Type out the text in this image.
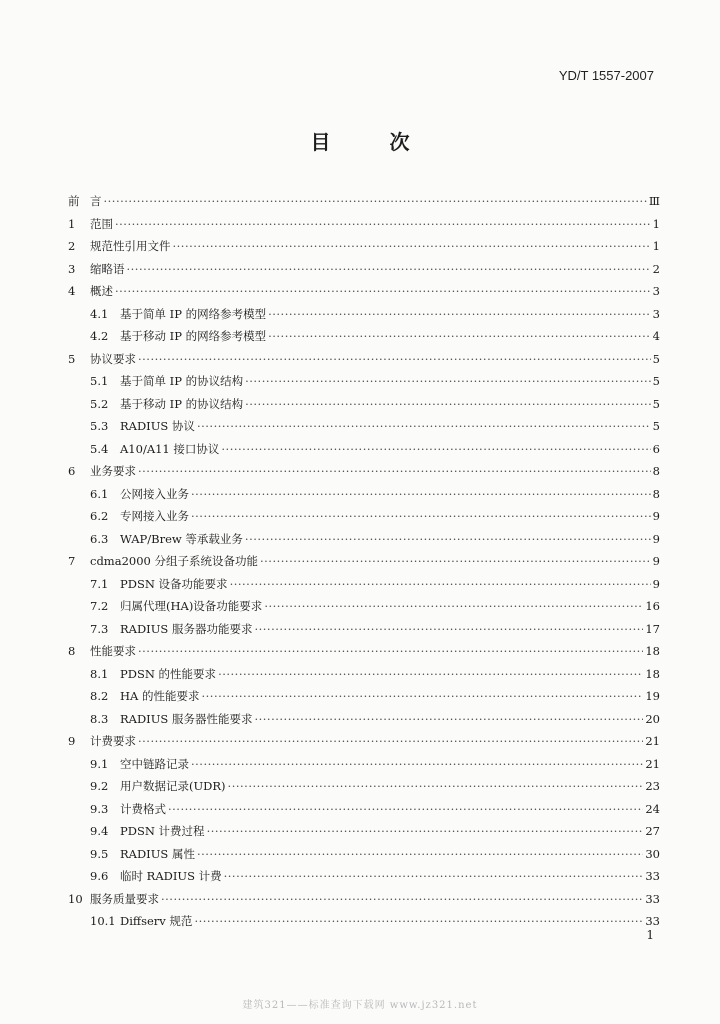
YD/T 1557-2007
目 次
前 言 ·····	Ⅲ
1	范围 ·····	1
2	规范性引用文件 ·····	1
3	缩略语 ·····	2
4	概述 ·····	3
4.1	基于简单 IP 的网络参考模型 ·····	3
4.2	基于移动 IP 的网络参考模型 ·····	4
5	协议要求 ·····	5
5.1	基于简单 IP 的协议结构 ·····	5
5.2	基于移动 IP 的协议结构 ·····	5
5.3	RADIUS 协议 ·····	5
5.4	A10/A11 接口协议 ·····	6
6	业务要求 ·····	8
6.1	公网接入业务 ·····	8
6.2	专网接入业务 ·····	9
6.3	WAP/Brew 等承载业务 ·····	9
7	cdma2000 分组子系统设备功能 ·····	9
7.1	PDSN 设备功能要求 ·····	9
7.2	归属代理(HA)设备功能要求 ·····	16
7.3	RADIUS 服务器功能要求 ·····	17
8	性能要求 ·····	18
8.1	PDSN 的性能要求 ·····	18
8.2	HA 的性能要求 ·····	19
8.3	RADIUS 服务器性能要求 ·····	20
9	计费要求 ·····	21
9.1	空中链路记录 ·····	21
9.2	用户数据记录(UDR) ·····	23
9.3	计费格式 ·····	24
9.4	PDSN 计费过程 ·····	27
9.5	RADIUS 属性 ·····	30
9.6	临时 RADIUS 计费 ·····	33
10 服务质量要求 ·····	33
10.1 Diffserv 规范 ·····	33
1
建筑321——标准查询下载网 www.jz321.net
